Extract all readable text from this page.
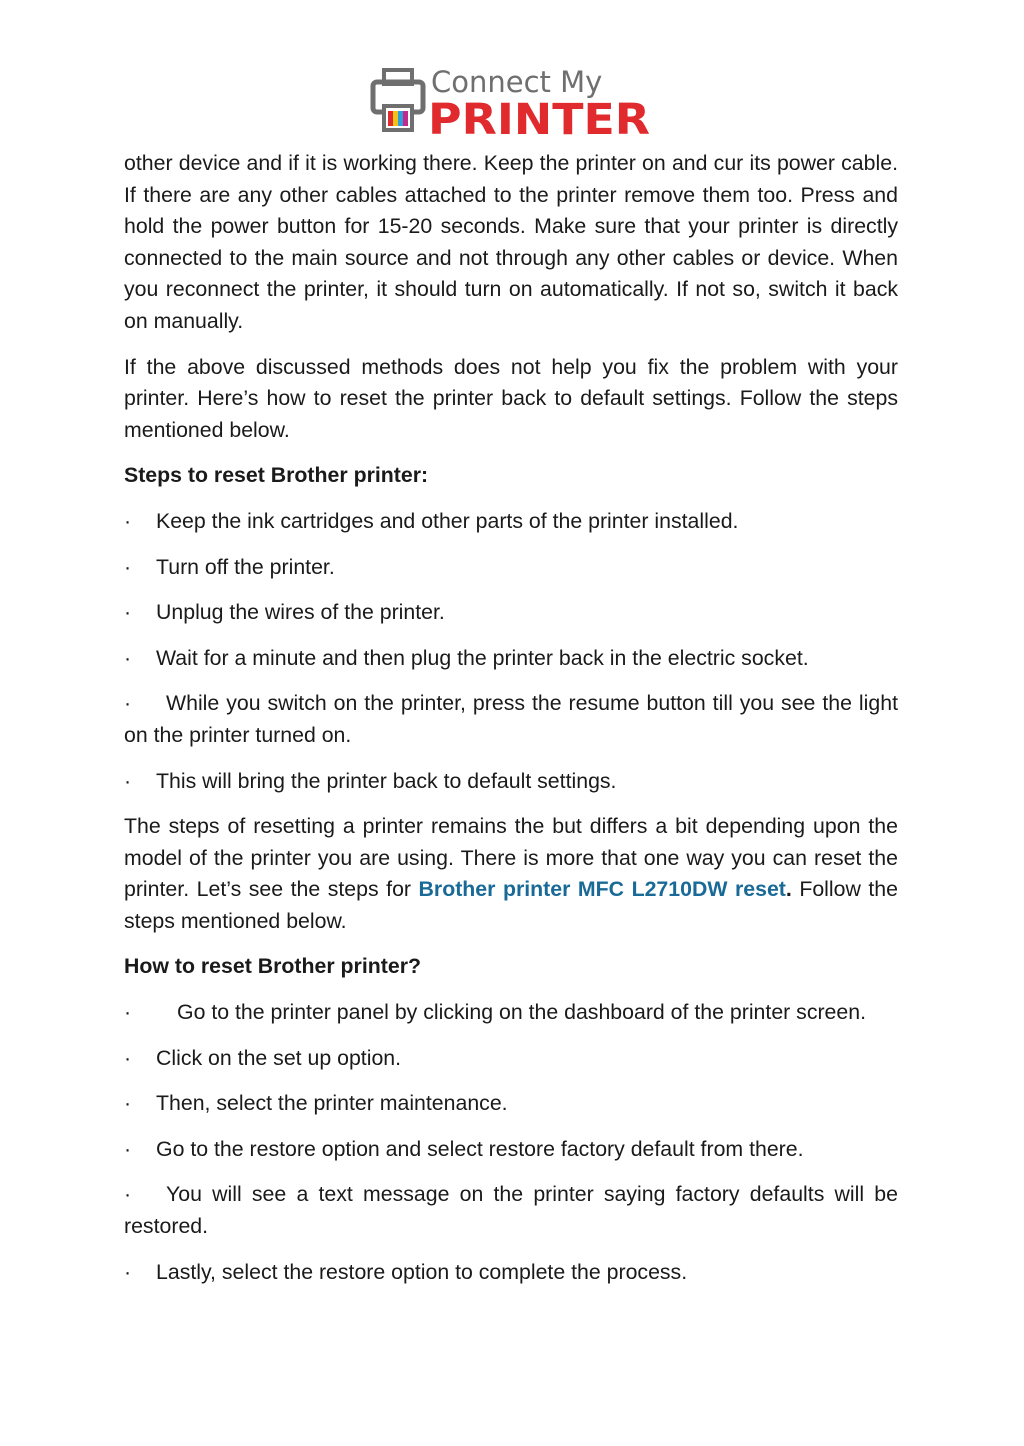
Connect My
PRINTER

other device and if it is working there. Keep the printer on and cur its power cable. If there are any other cables attached to the printer remove them too. Press and hold the power button for 15-20 seconds. Make sure that your printer is directly connected to the main source and not through any other cables or device. When you reconnect the printer, it should turn on automatically. If not so, switch it back on manually.

If the above discussed methods does not help you fix the problem with your printer. Here’s how to reset the printer back to default settings. Follow the steps mentioned below.

Steps to reset Brother printer:

· Keep the ink cartridges and other parts of the printer installed.
· Turn off the printer.
· Unplug the wires of the printer.
· Wait for a minute and then plug the printer back in the electric socket.
· While you switch on the printer, press the resume button till you see the light on the printer turned on.
· This will bring the printer back to default settings.

The steps of resetting a printer remains the but differs a bit depending upon the model of the printer you are using. There is more that one way you can reset the printer. Let’s see the steps for Brother printer MFC L2710DW reset. Follow the steps mentioned below.

How to reset Brother printer?

· Go to the printer panel by clicking on the dashboard of the printer screen.
· Click on the set up option.
· Then, select the printer maintenance.
· Go to the restore option and select restore factory default from there.
· You will see a text message on the printer saying factory defaults will be restored.
· Lastly, select the restore option to complete the process.
